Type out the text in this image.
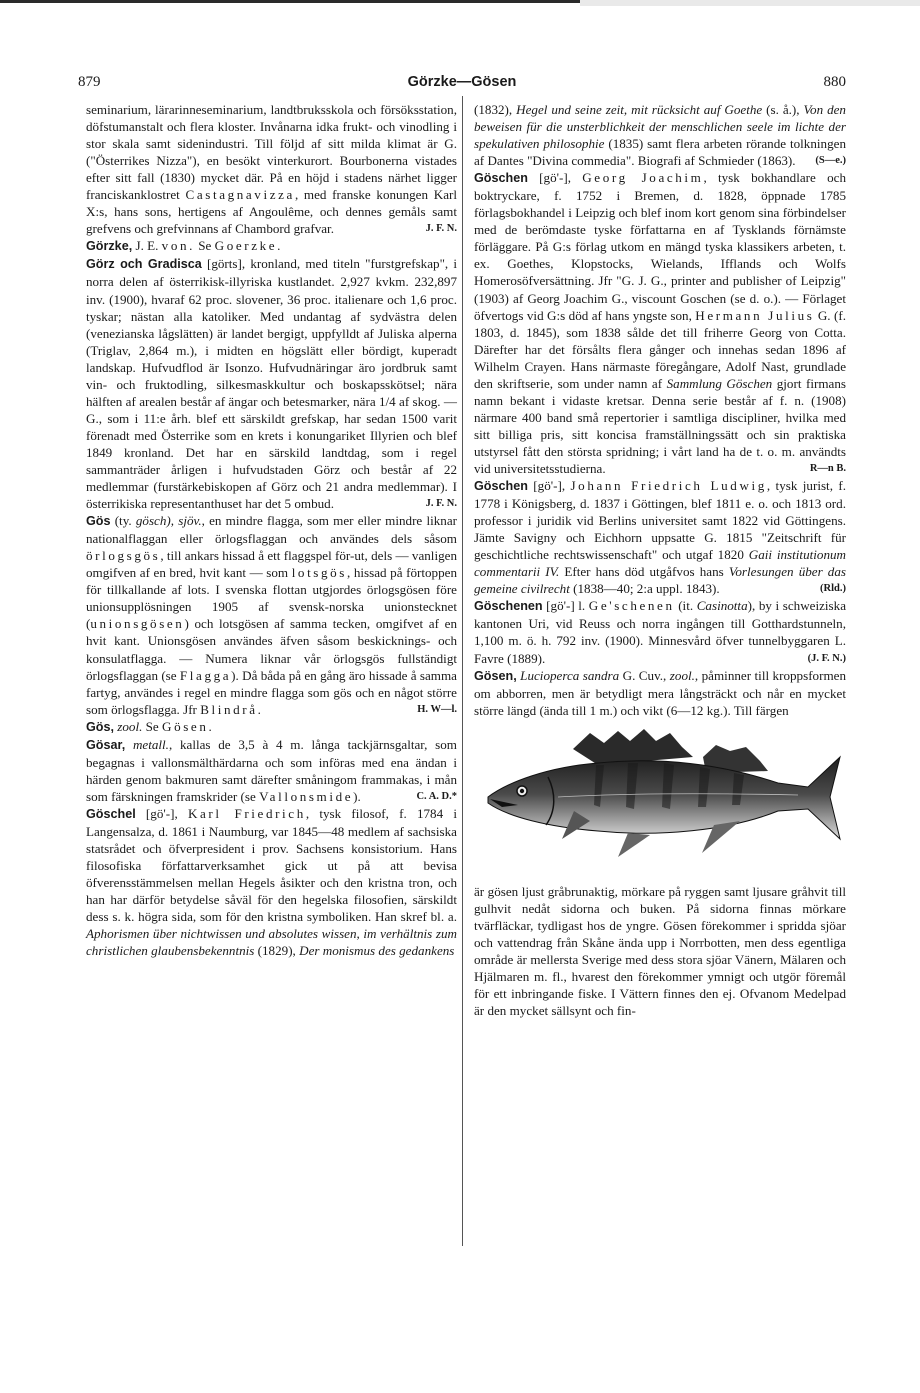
879	Görzke—Gösen	880

seminarium, lärarinneseminarium, landtbruksskola och försöksstation, döfstumanstalt och flera kloster. Invånarna idka frukt- och vinodling i stor skala samt sidenindustri. Till följd af sitt milda klimat är G. ("Österrikes Nizza"), en besökt vinterkurort. Bourbonerna vistades efter sitt fall (1830) mycket där. På en höjd i stadens närhet ligger franciskanklostret Castagnavizza, med franske konungen Karl X:s, hans sons, hertigens af Angoulême, och dennes gemåls samt grefvens och grefvinnans af Chambord grafvar.	J. F. N.

Görzke, J. E. von. Se Goerzke.

Görz och Gradisca [görts], kronland, med titeln "furstgrefskap", i norra delen af österrikisk-illyriska kustlandet. 2,927 kvkm. 232,897 inv. (1900), hvaraf 62 proc. slovener, 36 proc. italienare och 1,6 proc. tyskar; nästan alla katoliker. Med undantag af sydvästra delen (venezianska lågslätten) är landet bergigt, uppfylldt af Juliska alperna (Triglav, 2,864 m.), i midten en högslätt eller bördigt, kuperadt landskap. Hufvudflod är Isonzo. Hufvudnäringar äro jordbruk samt vin- och fruktodling, silkesmaskkultur och boskapsskötsel; nära hälften af arealen består af ängar och betesmarker, nära 1/4 af skog. — G., som i 11:e årh. blef ett särskildt grefskap, har sedan 1500 varit förenadt med Österrike som en krets i konungariket Illyrien och blef 1849 kronland. Det har en särskild landtdag, som i regel sammanträder årligen i hufvudstaden Görz och består af 22 medlemmar (furstärkebiskopen af Görz och 21 andra medlemmar). I österrikiska representanthuset har det 5 ombud.	J. F. N.

Gös (ty. gösch), sjöv., en mindre flagga, som mer eller mindre liknar nationalflaggan eller örlogsflaggan och användes dels såsom örlogsgös, till ankars hissad å ett flaggspel för-ut, dels — vanligen omgifven af en bred, hvit kant — som lotsgös, hissad på förtoppen för tillkallande af lots. I svenska flottan utgjordes örlogsgösen före unionsupplösningen 1905 af svensk-norska unionstecknet (unionsgösen) och lotsgösen af samma tecken, omgifvet af en hvit kant. Unionsgösen användes äfven såsom beskicknings- och konsulatflagga. — Numera liknar vår örlogsgös fullständigt örlogsflaggan (se Flagga). Då båda på en gång äro hissade å samma fartyg, användes i regel en mindre flagga som gös och en något större som örlogsflagga. Jfr Blindrå.	H. W—l.

Gös, zool. Se Gösen.

Gösar, metall., kallas de 3,5 à 4 m. långa tackjärnsgaltar, som begagnas i vallonsmälthärdarna och som införas med ena ändan i härden genom bakmuren samt därefter småningom frammakas, i mån som färskningen framskrider (se Vallonsmide).	C. A. D.*

Göschel [gö'-], Karl Friedrich, tysk filosof, f. 1784 i Langensalza, d. 1861 i Naumburg, var 1845—48 medlem af sachsiska statsrådet och öfverpresident i prov. Sachsens konsistorium. Hans filosofiska författarverksamhet gick ut på att bevisa öfverensstämmelsen mellan Hegels åsikter och den kristna tron, och han har därför betydelse såväl för den hegelska filosofien, särskildt dess s. k. högra sida, som för den kristna symboliken. Han skref bl. a. Aphorismen über nichtwissen und absolutes wissen, im verhältnis zum christlichen glaubensbekenntnis (1829), Der monismus des gedankens

(1832), Hegel und seine zeit, mit rücksicht auf Goethe (s. å.), Von den beweisen für die unsterblichkeit der menschlichen seele im lichte der spekulativen philosophie (1835) samt flera arbeten rörande tolkningen af Dantes "Divina commedia". Biografi af Schmieder (1863). (S—e.)

Göschen [gö'-], Georg Joachim, tysk bokhandlare och boktryckare, f. 1752 i Bremen, d. 1828, öppnade 1785 förlagsbokhandel i Leipzig och blef inom kort genom sina förbindelser med de berömdaste tyske författarna en af Tysklands förnämste förläggare. På G:s förlag utkom en mängd tyska klassikers arbeten, t. ex. Goethes, Klopstocks, Wielands, Ifflands och Wolfs Homerosöfversättning. Jfr "G. J. G., printer and publisher of Leipzig" (1903) af Georg Joachim G., viscount Goschen (se d. o.). — Förlaget öfvertogs vid G:s död af hans yngste son, Hermann Julius G. (f. 1803, d. 1845), som 1838 sålde det till friherre Georg von Cotta. Därefter har det försålts flera gånger och innehas sedan 1896 af Wilhelm Crayen. Hans närmaste föregångare, Adolf Nast, grundlade den skriftserie, som under namn af Sammlung Göschen gjort firmans namn bekant i vidaste kretsar. Denna serie består af f. n. (1908) närmare 400 band små repertorier i samtliga discipliner, hvilka med sitt billiga pris, sitt koncisa framställningssätt och sin praktiska utstyrsel fått den största spridning; i vårt land ha de t. o. m. användts vid universitetsstudierna.	R—n B.

Göschen [gö'-], Johann Friedrich Ludwig, tysk jurist, f. 1778 i Königsberg, d. 1837 i Göttingen, blef 1811 e. o. och 1813 ord. professor i juridik vid Berlins universitet samt 1822 vid Göttingens. Jämte Savigny och Eichhorn uppsatte G. 1815 "Zeitschrift für geschichtliche rechtswissenschaft" och utgaf 1820 Gaii institutionum commentarii IV. Efter hans död utgåfvos hans Vorlesungen über das gemeine civilrecht (1838—40; 2:a uppl. 1843).	(Rld.)

Göschenen [gö'-] l. Ge'schenen (it. Casinotta), by i schweiziska kantonen Uri, vid Reuss och norra ingången till Gotthardstunneln, 1,100 m. ö. h. 792 inv. (1900). Minnesvård öfver tunnelbyggaren L. Favre (1889).	(J. F. N.)

Gösen, Lucioperca sandra G. Cuv., zool., påminner till kroppsformen om abborren, men är betydligt mera långsträckt och når en mycket större längd (ända till 1 m.) och vikt (6—12 kg.). Till färgen

är gösen ljust gråbrunaktig, mörkare på ryggen samt ljusare gråhvit till gulhvit nedåt sidorna och buken. På sidorna finnas mörkare tvärfläckar, tydligast hos de yngre. Gösen förekommer i spridda sjöar och vattendrag från Skåne ända upp i Norrbotten, men dess egentliga område är mellersta Sverige med dess stora sjöar Vänern, Mälaren och Hjälmaren m. fl., hvarest den förekommer ymnigt och utgör föremål för ett inbringande fiske. I Vättern finnes den ej. Ofvanom Medelpad är den mycket sällsynt och fin-
